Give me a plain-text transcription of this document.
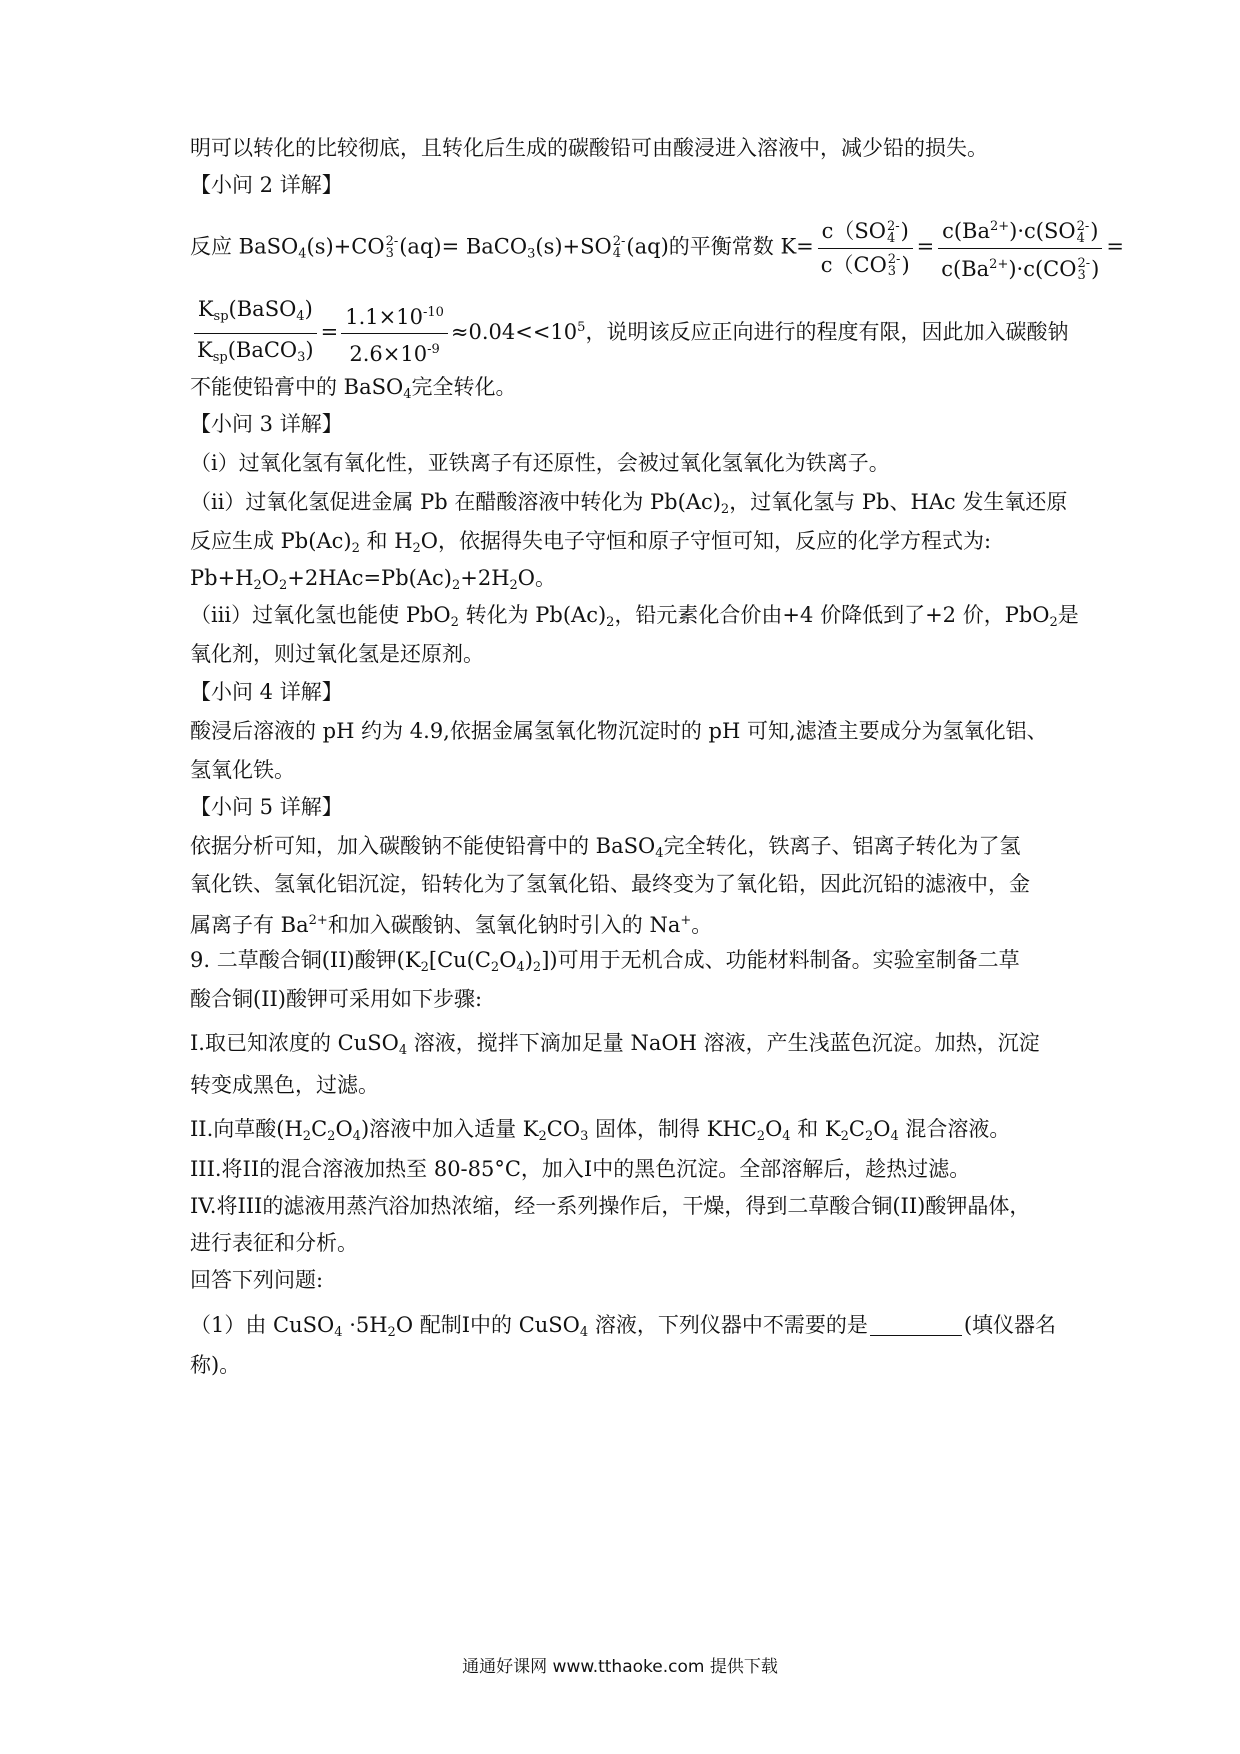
明可以转化的比较彻底，且转化后生成的碳酸铅可由酸浸进入溶液中，减少铅的损失。
【小问 2 详解】
反应 BaSO$_4$(s)+CO 2-
3 (aq)= BaCO$_3$(s)+SO 2-
4 (aq)的平衡常数 K= c（SO 2-
4 )
c（CO 2-
3 ) = $c(Ba^{2+})\cdot c(SO$ 2-
4 )
$c(Ba^{2+})\cdot c(CO$ 2-
3 ) =
$\frac{K_{sp}(BaSO_4)}{K_{sp}(BaCO_3)} = \frac{1.1\times 10^{-10}}{2.6\times 10^{-9}} \approx 0.04<<10^5$，说明该反应正向进行的程度有限，因此加入碳酸钠
不能使铅膏中的 BaSO$_4$完全转化。
【小问 3 详解】
（i）过氧化氢有氧化性，亚铁离子有还原性，会被过氧化氢氧化为铁离子。
（ii）过氧化氢促进金属 Pb 在醋酸溶液中转化为 $Pb(Ac)_2$，过氧化氢与 Pb、HAc 发生氧还原
反应生成 $Pb(Ac)_2$ 和 $H_2O$，依据得失电子守恒和原子守恒可知，反应的化学方程式为:
$Pb+H_2O_2+2HAc=Pb(Ac)_2+2H_2O$。
（iii）过氧化氢也能使 PbO$_2$ 转化为 $Pb(Ac)_2$，铅元素化合价由+4 价降低到了+2 价，PbO$_2$是
氧化剂，则过氧化氢是还原剂。
【小问 4 详解】
酸浸后溶液的 pH 约为 4.9,依据金属氢氧化物沉淀时的 pH 可知,滤渣主要成分为氢氧化铝、
氢氧化铁。
【小问 5 详解】
依据分析可知，加入碳酸钠不能使铅膏中的 BaSO$_4$完全转化，铁离子、铝离子转化为了氢
氧化铁、氢氧化铝沉淀，铅转化为了氢氧化铅、最终变为了氧化铅，因此沉铅的滤液中，金
属离子有 $Ba^{2+}$和加入碳酸钠、氢氧化钠时引入的 Na+。
9. 二草酸合铜(II)酸钾$(K_2[Cu(C_2O_4)_2])$可用于无机合成、功能材料制备。实验室制备二草
酸合铜(II)酸钾可采用如下步骤:
I.取已知浓度的 CuSO$_4$ 溶液，搅拌下滴加足量 NaOH 溶液，产生浅蓝色沉淀。加热，沉淀
转变成黑色，过滤。
II.向草酸$(H_2C_2O_4)$溶液中加入适量 $K_2CO_3$ 固体，制得 $KHC_2O_4$ 和 $K_2C_2O_4$ 混合溶液。
III.将II的混合溶液加热至 80-85°C，加入I中的黑色沉淀。全部溶解后，趁热过滤。
IV.将III的滤液用蒸汽浴加热浓缩，经一系列操作后，干燥，得到二草酸合铜(II)酸钾晶体，
进行表征和分析。
回答下列问题:
（1）由 CuSO$_4$ $\cdot 5H_2O$ 配制I中的 CuSO$_4$ 溶液，下列仪器中不需要的是	(填仪器名
称)。
通通好课网 www.tthaoke.com 提供下载
